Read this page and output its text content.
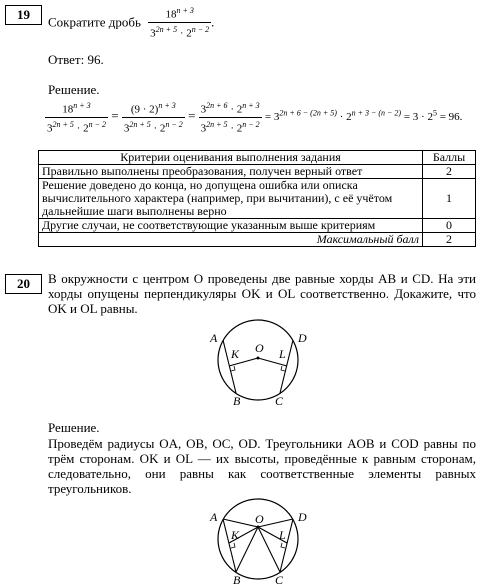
19
Сократите дробь $\frac{18^{n + 3}}{3^{2n + 5} \cdot 2^{n - 2}}$ .
Ответ: 96.
Решение.
$\frac{18^{n + 3}}{3^{2n + 5} \cdot 2^{n - 2}} = \frac{(9 \cdot 2)^{n + 3}}{3^{2n + 5} \cdot 2^{n - 2}} = \frac{3^{2n + 6} \cdot 2^{n + 3}}{3^{2n + 5} \cdot 2^{n - 2}} = 3^{2n + 6 - (2n + 5)} \cdot 2^{n + 3 - (n - 2)} = 3 \cdot 2^5 = 96$.
Критерии оценивания выполнения задания	Баллы
Правильно выполнены преобразования, получен верный ответ	2
Решение доведено до конца, но допущена ошибка или описка вычислительного характера (например, при вычитании), с её учётом дальнейшие шаги выполнены верно	1
Другие случаи, не соответствующие указанным выше критериям	0
Максимальный балл	2
20 В окружности с центром O проведены две равные хорды AB и CD. На эти хорды опущены перпендикуляры OK и OL соответственно. Докажите, что OK и OL равны.
A	D
B	C
O
K	L
Решение.
Проведём радиусы OA, OB, OC, OD. Треугольники AOB и COD равны по трём сторонам. OK и OL — их высоты, проведённые к равным сторонам, следовательно, они равны как соответственные элементы равных треугольников.
A	D
B	C
O
K	L
